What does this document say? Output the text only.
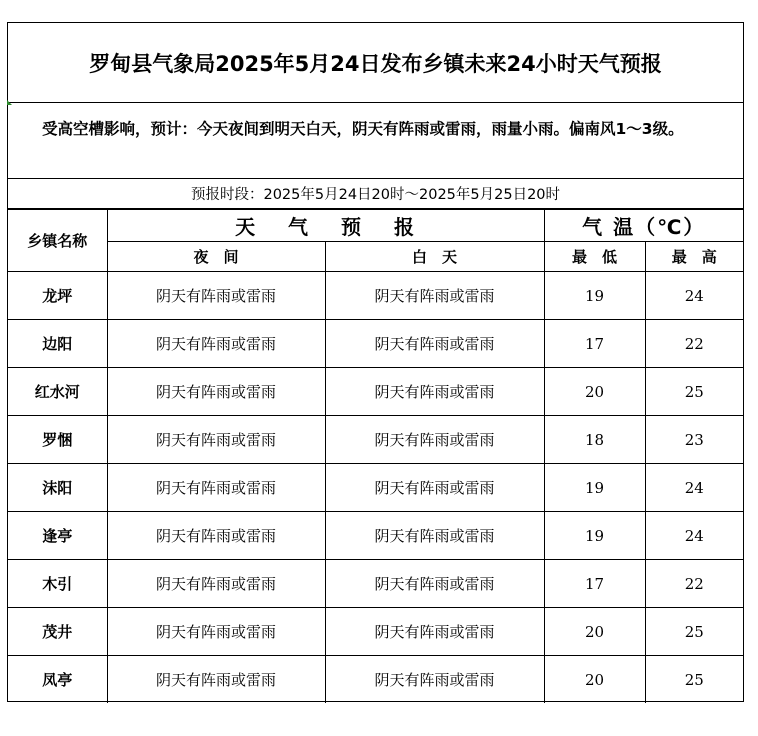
罗甸县气象局2025年5月24日发布乡镇未来24小时天气预报
受高空槽影响，预计：今天夜间到明天白天，阴天有阵雨或雷雨，雨量小雨。偏南风1～3级。
预报时段：2025年5月24日20时～2025年5月25日20时
乡镇名称	天　 气　 预　 报		气 温（℃）	
	夜　间	白　天	最　低	最　高
龙坪	阴天有阵雨或雷雨	阴天有阵雨或雷雨	19	24
边阳	阴天有阵雨或雷雨	阴天有阵雨或雷雨	17	22
红水河	阴天有阵雨或雷雨	阴天有阵雨或雷雨	20	25
罗悃	阴天有阵雨或雷雨	阴天有阵雨或雷雨	18	23
沫阳	阴天有阵雨或雷雨	阴天有阵雨或雷雨	19	24
逢亭	阴天有阵雨或雷雨	阴天有阵雨或雷雨	19	24
木引	阴天有阵雨或雷雨	阴天有阵雨或雷雨	17	22
茂井	阴天有阵雨或雷雨	阴天有阵雨或雷雨	20	25
凤亭	阴天有阵雨或雷雨	阴天有阵雨或雷雨	20	25
